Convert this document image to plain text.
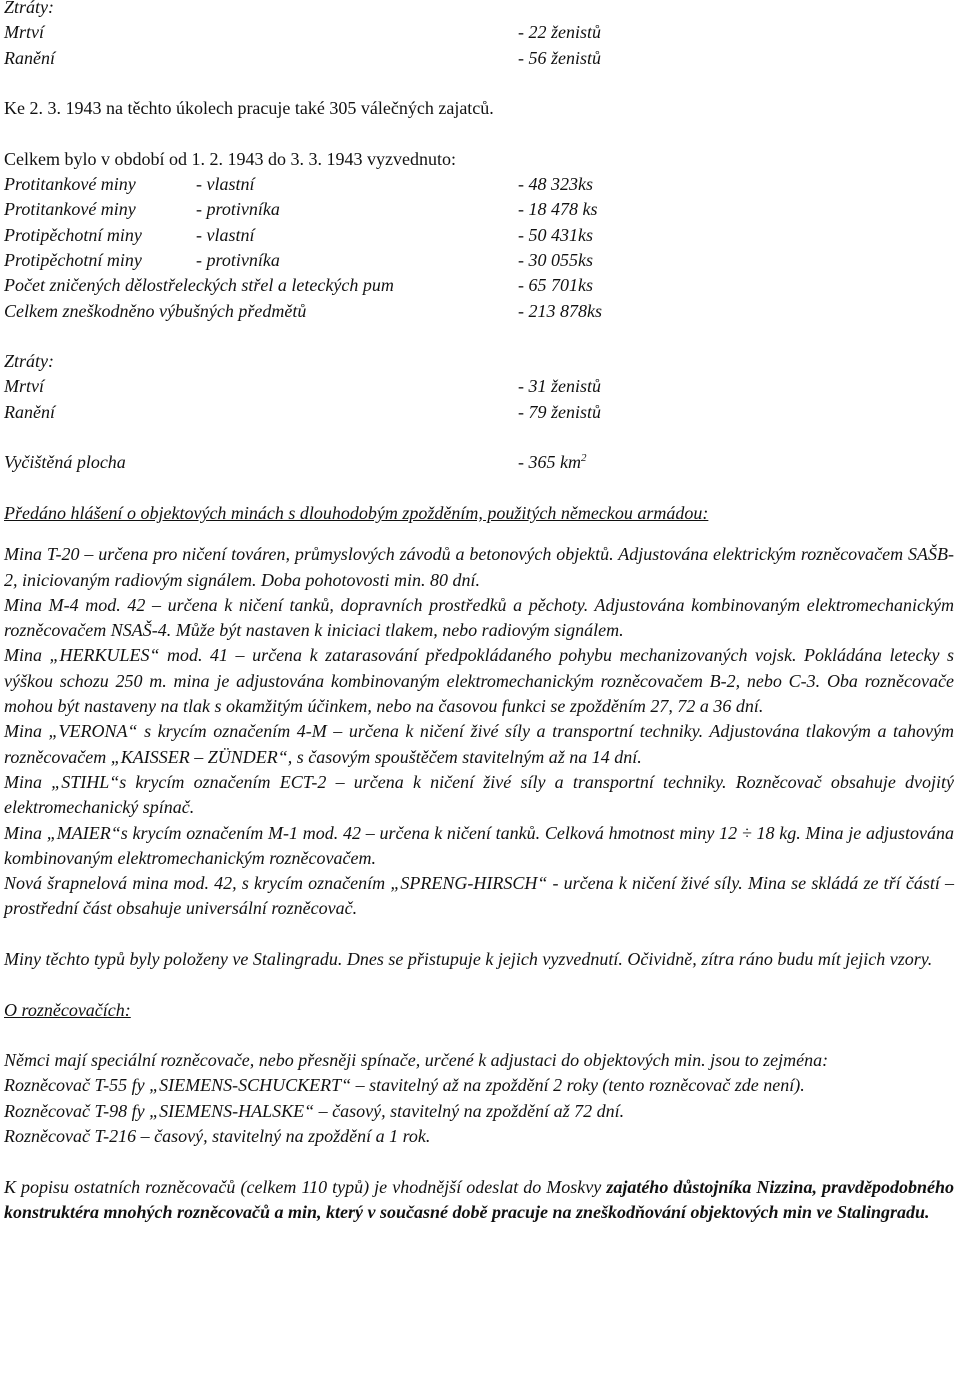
Ztráty:
Mrtví	- 22 ženistů
Ranění	- 56 ženistů
Ke 2. 3. 1943 na těchto úkolech pracuje také 305 válečných zajatců.
Celkem bylo v období od 1. 2. 1943 do 3. 3. 1943 vyzvednuto:
Protitankové miny	- vlastní	- 48 323ks
Protitankové miny	- protivníka	- 18 478 ks
Protipěchotní miny	- vlastní	- 50 431ks
Protipěchotní miny	- protivníka	- 30 055ks
Počet zničených dělostřeleckých střel a leteckých pum	- 65 701ks
Celkem zneškodněno výbušných předmětů	- 213 878ks
Ztráty:
Mrtví	- 31 ženistů
Ranění	- 79 ženistů
Vyčištěná plocha	- 365 $km^2$
Předáno hlášení o objektových minách s dlouhodobým zpožděním, použitých německou armádou:
Mina T-20 – určena pro ničení továren, průmyslových závodů a betonových objektů. Adjustována elektrickým rozněcovačem SAŠB-2, iniciovaným radiovým signálem. Doba pohotovosti min. 80 dní.
Mina M-4 mod. 42 – určena k ničení tanků, dopravních prostředků a pěchoty. Adjustována kombinovaným elektromechanickým rozněcovačem NSAŠ-4. Může být nastaven k iniciaci tlakem, nebo radiovým signálem.
Mina „HERKULES“ mod. 41 – určena k zatarasování předpokládaného pohybu mechanizovaných vojsk. Pokládána letecky s výškou schozu 250 m. mina je adjustována kombinovaným elektromechanickým rozněcovačem B-2, nebo C-3. Oba rozněcovače mohou být nastaveny na tlak s okamžitým účinkem, nebo na časovou funkci se zpožděním 27, 72 a 36 dní.
Mina „VERONA“ s krycím označením 4-M – určena k ničení živé síly a transportní techniky. Adjustována tlakovým a tahovým rozněcovačem „KAISSER – ZÜNDER“, s časovým spouštěčem stavitelným až na 14 dní.
Mina „STIHL“s krycím označením ECT-2 – určena k ničení živé síly a transportní techniky. Rozněcovač obsahuje dvojitý elektromechanický spínač.
Mina „MAIER“s krycím označením M-1 mod. 42 – určena k ničení tanků. Celková hmotnost miny 12 ÷ 18 kg. Mina je adjustována kombinovaným elektromechanickým rozněcovačem.
Nová šrapnelová mina mod. 42, s krycím označením „SPRENG-HIRSCH“ - určena k ničení živé síly. Mina se skládá ze tří částí – prostřední část obsahuje universální rozněcovač.
Miny těchto typů byly položeny ve Stalingradu. Dnes se přistupuje k jejich vyzvednutí. Očividně, zítra ráno budu mít jejich vzory.
O rozněcovačích:
Němci mají speciální rozněcovače, nebo přesněji spínače, určené k adjustaci do objektových min. jsou to zejména:
Rozněcovač T-55 fy „SIEMENS-SCHUCKERT“ – stavitelný až na zpoždění 2 roky (tento rozněcovač zde není).
Rozněcovač T-98 fy „SIEMENS-HALSKE“ – časový, stavitelný na zpoždění až 72 dní.
Rozněcovač T-216 – časový, stavitelný na zpoždění a 1 rok.
K popisu ostatních rozněcovačů (celkem 110 typů) je vhodnější odeslat do Moskvy zajatého důstojníka Nizzina, pravděpodobného konstruktéra mnohých rozněcovačů a min, který v současné době pracuje na zneškodňování objektových min ve Stalingradu.
